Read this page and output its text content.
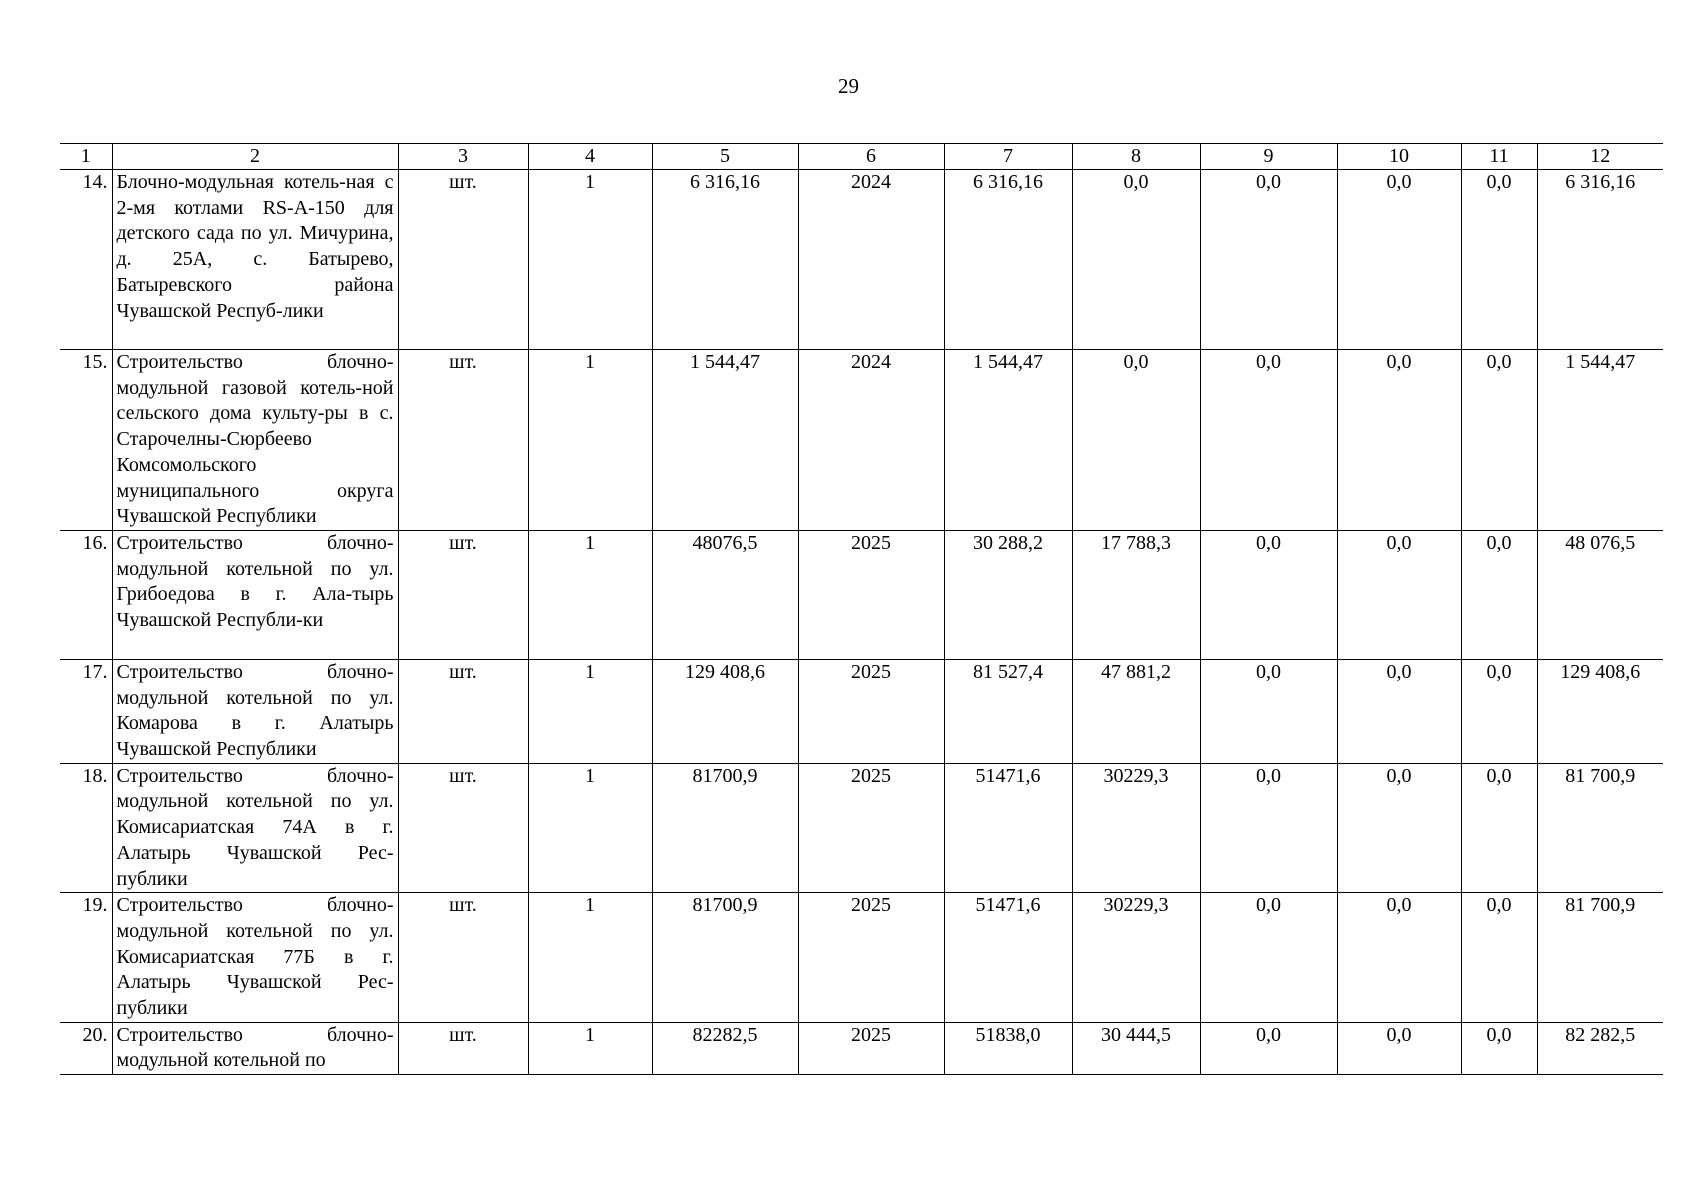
29
1	2	3	4	5	6	7	8	9	10	11	12
14.	Блочно-модульная котель-ная с 2-мя котлами RS-A-150 для детского сада по ул. Мичурина, д. 25А, с. Батырево, Батыревского района Чувашской Респуб-лики	шт.	1	6 316,16	2024	6 316,16	0,0	0,0	0,0	0,0	6 316,16
15.	Строительство блочно-модульной газовой котель-ной сельского дома культу-ры в с. Старочелны-Сюрбеево Комсомольского муниципального округа Чувашской Республики	шт.	1	1 544,47	2024	1 544,47	0,0	0,0	0,0	0,0	1 544,47
16.	Строительство блочно-модульной котельной по ул. Грибоедова в г. Ала-тырь Чувашской Республи-ки	шт.	1	48076,5	2025	30 288,2	17 788,3	0,0	0,0	0,0	48 076,5
17.	Строительство блочно-модульной котельной по ул. Комарова в г. Алатырь Чувашской Республики	шт.	1	129 408,6	2025	81 527,4	47 881,2	0,0	0,0	0,0	129 408,6
18.	Строительство блочно-модульной котельной по ул. Комисариатская 74А в г. Алатырь Чувашской Рес-публики	шт.	1	81700,9	2025	51471,6	30229,3	0,0	0,0	0,0	81 700,9
19.	Строительство блочно-модульной котельной по ул. Комисариатская 77Б в г. Алатырь Чувашской Рес-публики	шт.	1	81700,9	2025	51471,6	30229,3	0,0	0,0	0,0	81 700,9
20.	Строительство блочно-модульной котельной по	шт.	1	82282,5	2025	51838,0	30 444,5	0,0	0,0	0,0	82 282,5
